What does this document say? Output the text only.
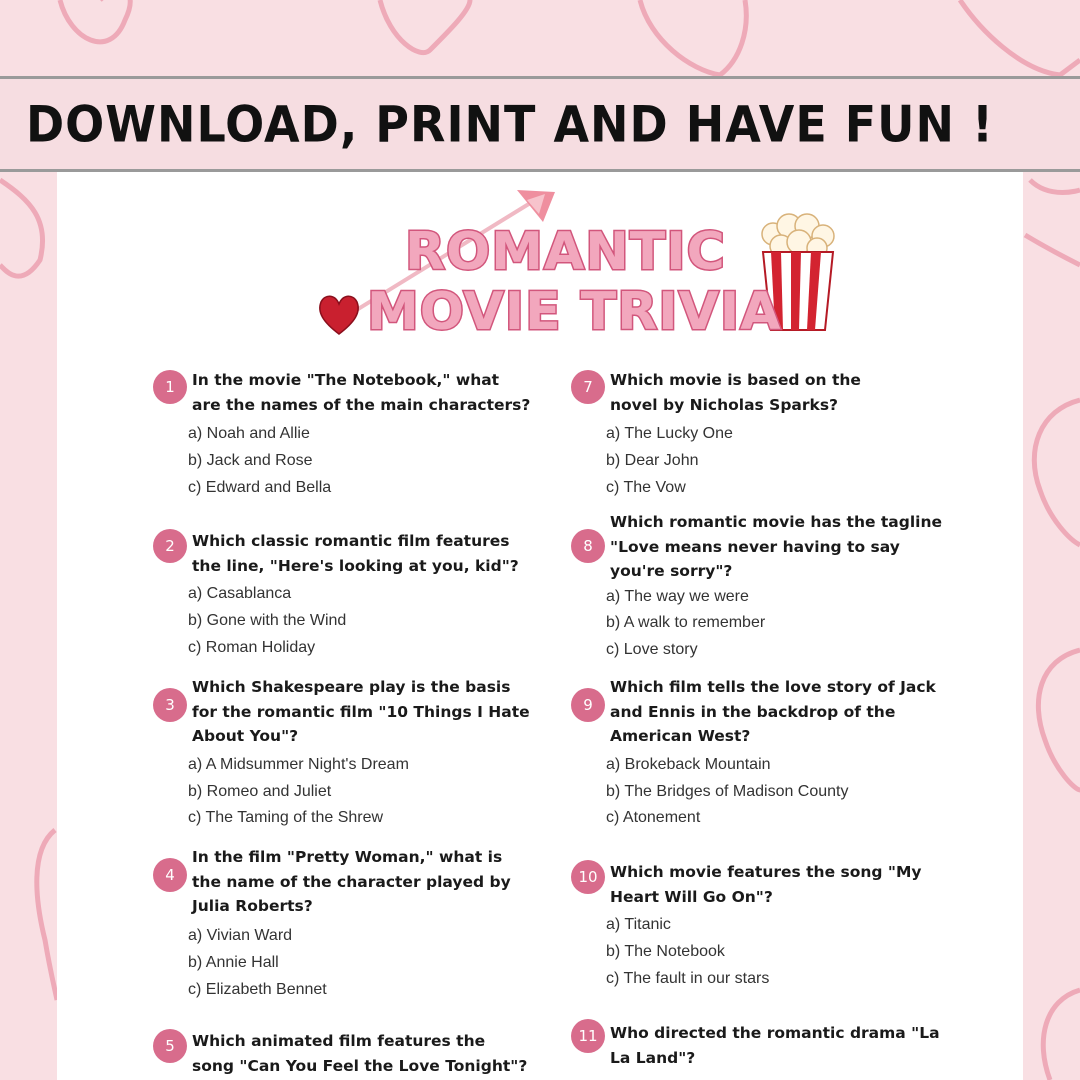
DOWNLOAD, PRINT AND HAVE FUN !
ROMANTIC
MOVIE TRIVIA
1	In the movie "The Notebook," what are the names of the main characters?
a) Noah and Allie
b) Jack and Rose
c) Edward and Bella
2	Which classic romantic film features the line, "Here's looking at you, kid"?
a) Casablanca
b) Gone with the Wind
c) Roman Holiday
3
Which Shakespeare play is the basis for the romantic film "10 Things I Hate About You"?
a) A Midsummer Night's Dream
b) Romeo and Juliet
c) The Taming of the Shrew
4
In the film "Pretty Woman," what is the name of the character played by Julia Roberts?
a) Vivian Ward
b) Annie Hall
c) Elizabeth Bennet
5	Which animated film features the song "Can You Feel the Love Tonight"?
7	Which movie is based on the novel by Nicholas Sparks?
a) The Lucky One
b) Dear John
c) The Vow
8
Which romantic movie has the tagline "Love means never having to say you're sorry"?
a) The way we were
b) A walk to remember
c) Love story
9
Which film tells the love story of Jack and Ennis in the backdrop of the American West?
a) Brokeback Mountain
b) The Bridges of Madison County
c) Atonement
10 Which movie features the song "My Heart Will Go On"?
a) Titanic
b) The Notebook
c) The fault in our stars
11 Who directed the romantic drama "La La Land"?
